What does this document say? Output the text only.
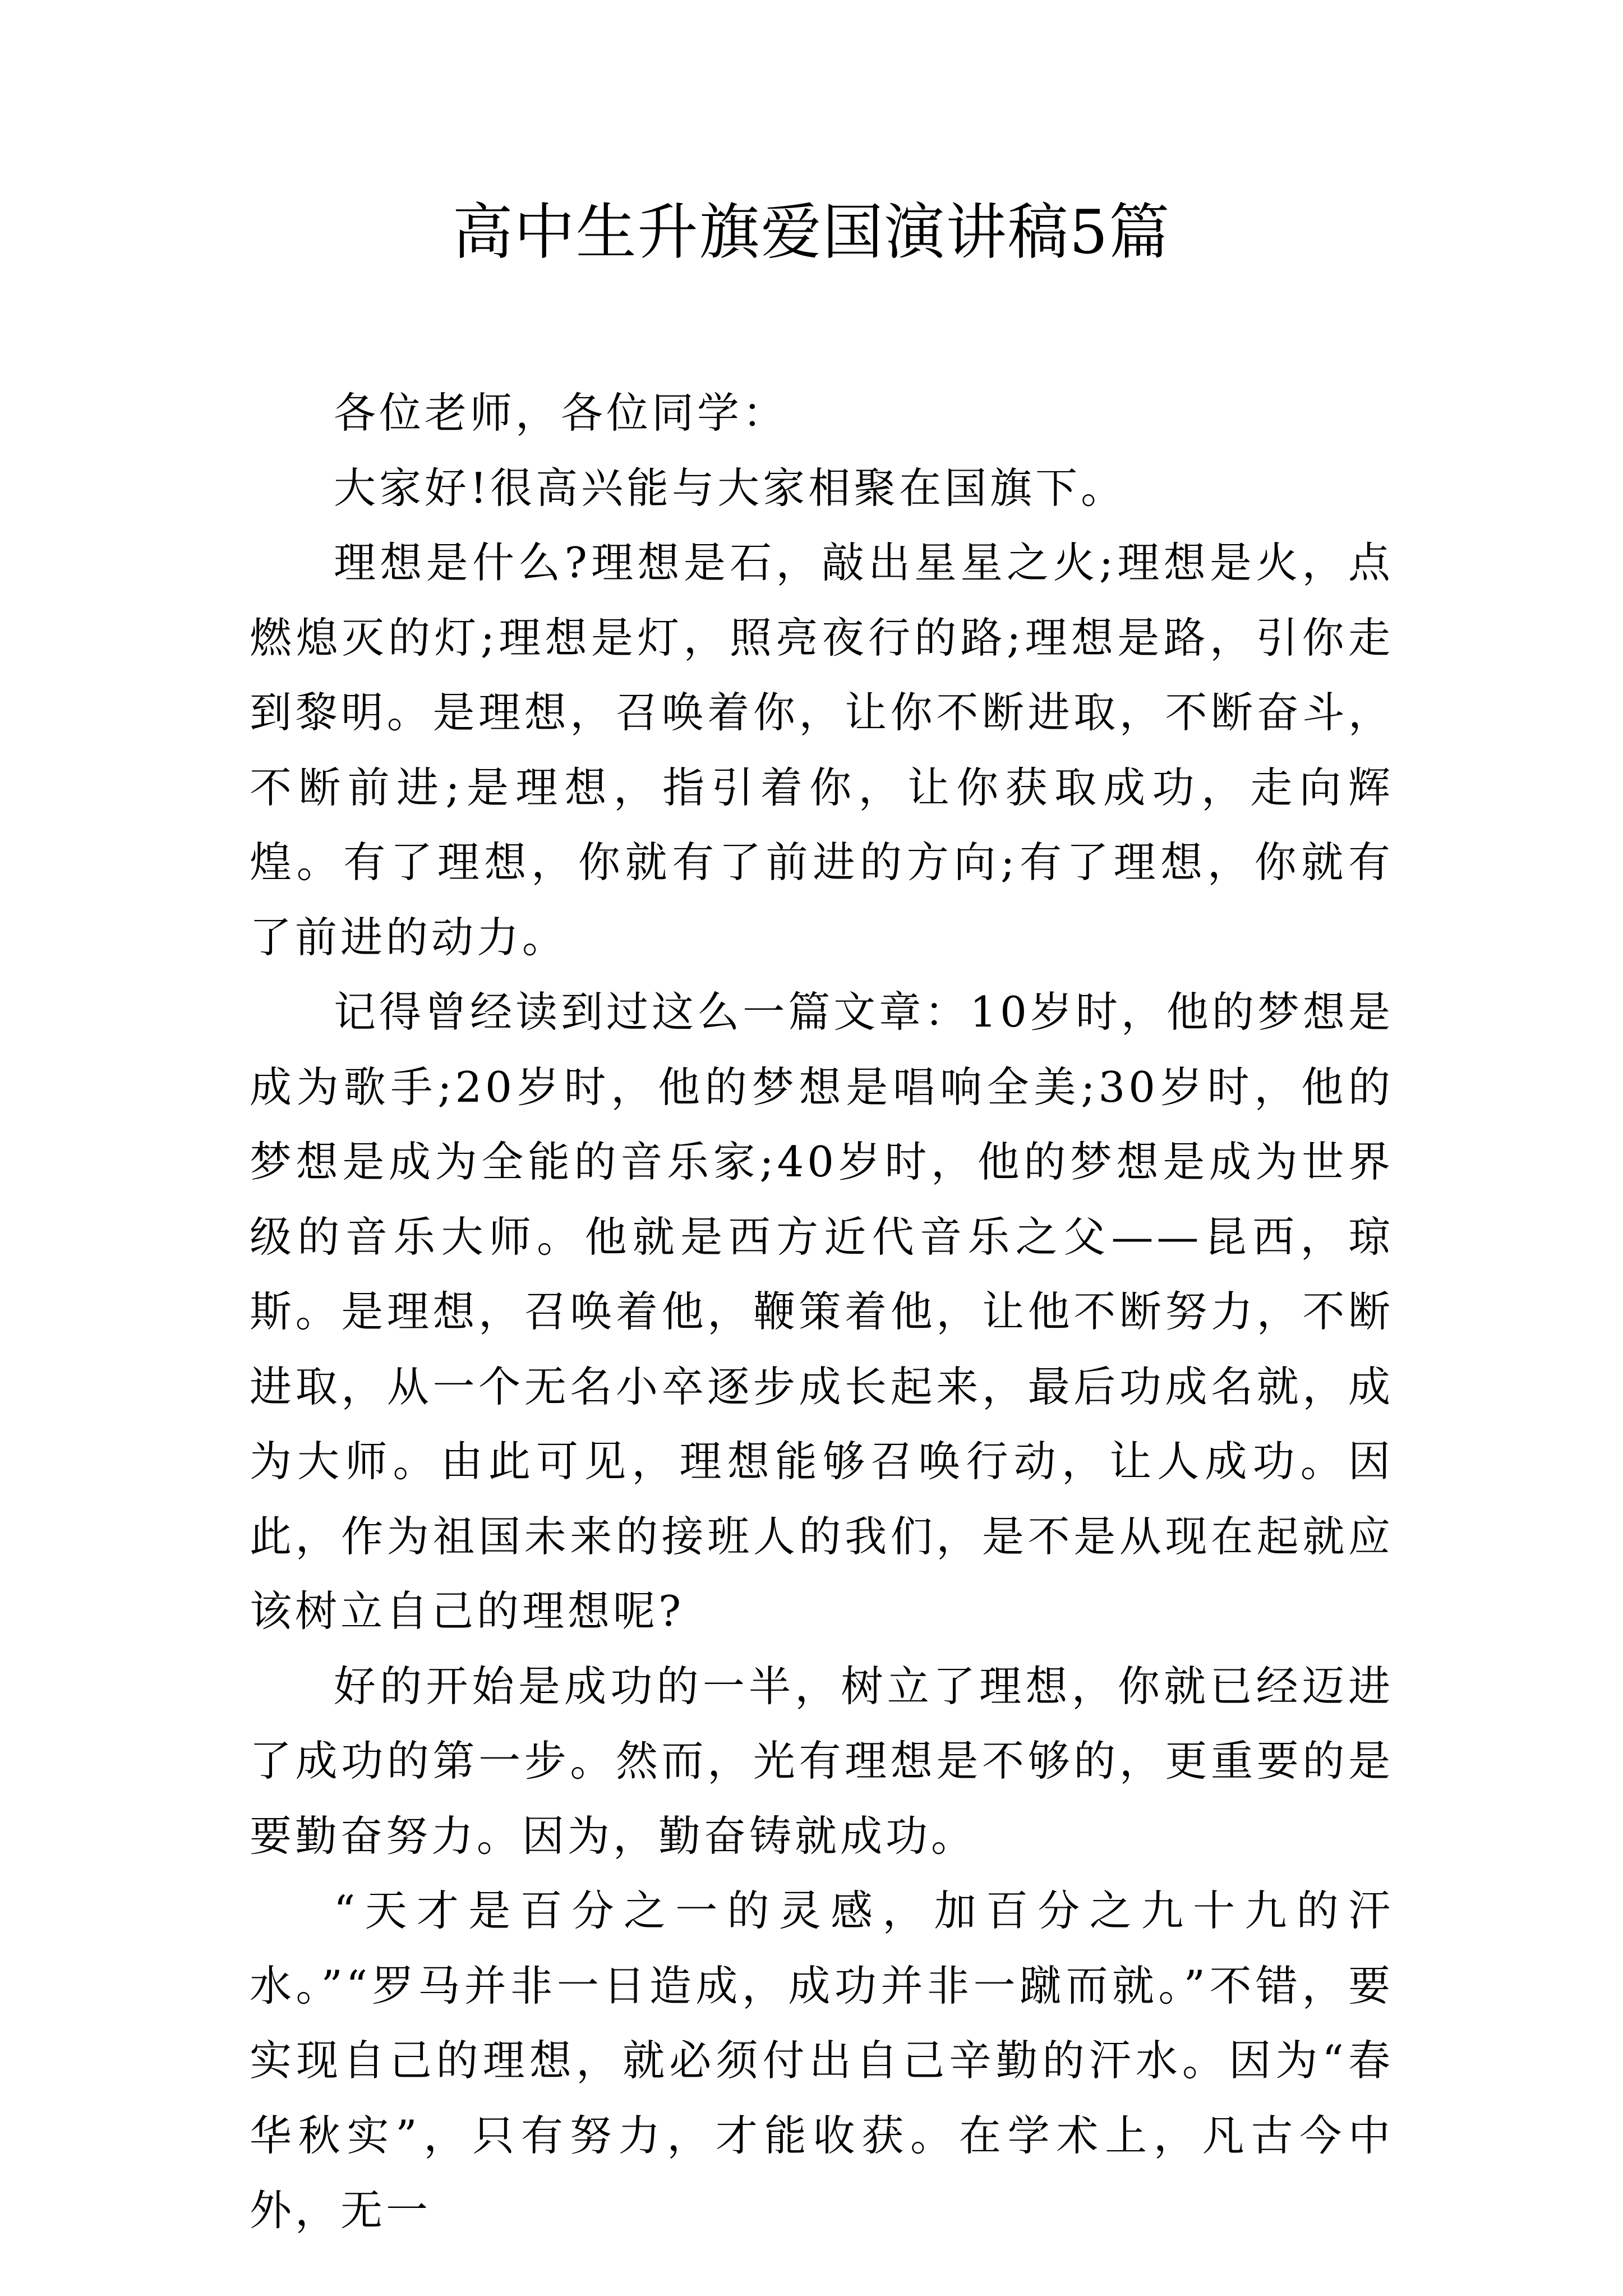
高中生升旗爱国演讲稿5篇

各位老师，各位同学：

大家好!很高兴能与大家相聚在国旗下。

理想是什么?理想是石，敲出星星之火;理想是火，点燃熄灭的灯;理想是灯，照亮夜行的路;理想是路，引你走到黎明。是理想，召唤着你，让你不断进取，不断奋斗，不断前进;是理想，指引着你，让你获取成功，走向辉煌。有了理想，你就有了前进的方向;有了理想，你就有了前进的动力。

记得曾经读到过这么一篇文章：10岁时，他的梦想是成为歌手;20岁时，他的梦想是唱响全美;30岁时，他的梦想是成为全能的音乐家;40岁时，他的梦想是成为世界级的音乐大师。他就是西方近代音乐之父——昆西，琼斯。是理想，召唤着他，鞭策着他，让他不断努力，不断进取，从一个无名小卒逐步成长起来，最后功成名就，成为大师。由此可见，理想能够召唤行动，让人成功。因此，作为祖国未来的接班人的我们，是不是从现在起就应该树立自己的理想呢?

好的开始是成功的一半，树立了理想，你就已经迈进了成功的第一步。然而，光有理想是不够的，更重要的是要勤奋努力。因为，勤奋铸就成功。

“天才是百分之一的灵感，加百分之九十九的汗水。”“罗马并非一日造成，成功并非一蹴而就。”不错，要实现自己的理想，就必须付出自己辛勤的汗水。因为“春华秋实”，只有努力，才能收获。在学术上，凡古今中外，无一
